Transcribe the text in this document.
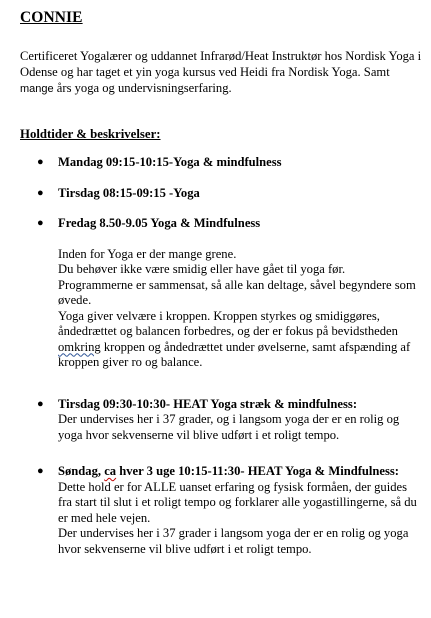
CONNIE
Certificeret Yogalærer og uddannet Infrarød/Heat Instruktør hos Nordisk Yoga i Odense og har taget et yin yoga kursus ved Heidi fra Nordisk Yoga. Samt mange års yoga og undervisningserfaring.
Holdtider & beskrivelser:
● Mandag 09:15-10:15-Yoga & mindfulness
● Tirsdag 08:15-09:15 -Yoga
● Fredag 8.50-9.05 Yoga & Mindfulness

Inden for Yoga er der mange grene.

Du behøver ikke være smidig eller have gået til yoga før.

Programmerne er sammensat, så alle kan deltage, såvel begyndere som øvede.

Yoga giver velvære i kroppen. Kroppen styrkes og smidiggøres, åndedrættet og balancen forbedres, og der er fokus på bevidstheden omkring kroppen og åndedrættet under øvelserne, samt afspænding af kroppen giver ro og balance.

● Tirsdag 09:30-10:30- HEAT Yoga stræk & mindfulness:
Der undervises her i 37 grader, og i langsom yoga der er en rolig og yoga hvor sekvenserne vil blive udført i et roligt tempo.
● Søndag, ca hver 3 uge 10:15-11:30- HEAT Yoga & Mindfulness:

Dette hold er for ALLE uanset erfaring og fysisk formåen, der guides fra start til slut i et roligt tempo og forklarer alle yogastillingerne, så du er med hele vejen.

Der undervises her i 37 grader i langsom yoga der er en rolig og yoga hvor sekvenserne vil blive udført i et roligt tempo.
